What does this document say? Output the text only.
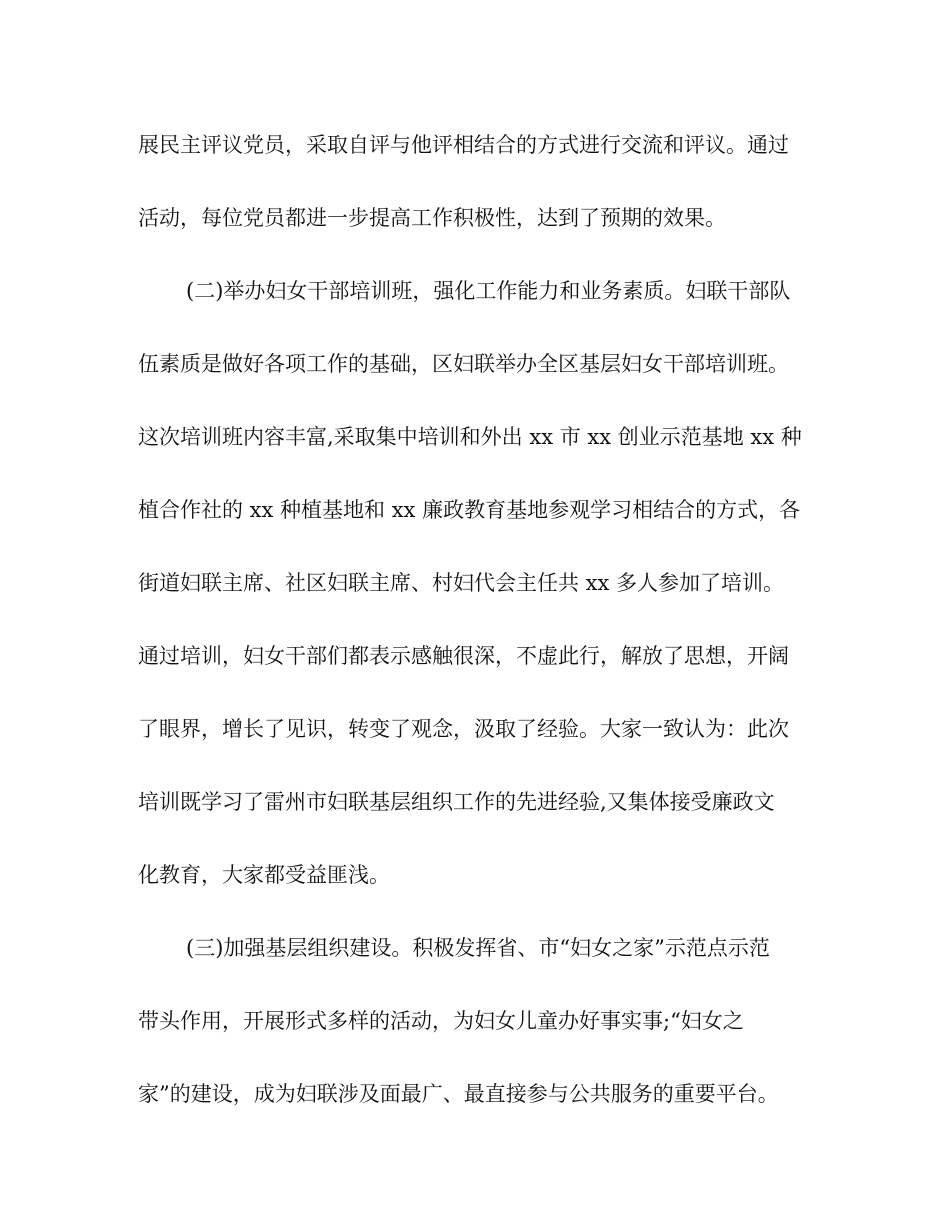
展民主评议党员，采取自评与他评相结合的方式进行交流和评议。通过
活动，每位党员都进一步提高工作积极性，达到了预期的效果。
(二)举办妇女干部培训班，强化工作能力和业务素质。妇联干部队
伍素质是做好各项工作的基础，区妇联举办全区基层妇女干部培训班。
这次培训班内容丰富,采取集中培训和外出 xx 市 xx 创业示范基地 xx 种
植合作社的 xx 种植基地和 xx 廉政教育基地参观学习相结合的方式，各
街道妇联主席、社区妇联主席、村妇代会主任共 xx 多人参加了培训。
通过培训，妇女干部们都表示感触很深，不虚此行，解放了思想，开阔
了眼界，增长了见识，转变了观念，汲取了经验。大家一致认为：此次
培训既学习了雷州市妇联基层组织工作的先进经验,又集体接受廉政文
化教育，大家都受益匪浅。
(三)加强基层组织建设。积极发挥省、市“妇女之家”示范点示范
带头作用，开展形式多样的活动，为妇女儿童办好事实事;“妇女之
家”的建设，成为妇联涉及面最广、最直接参与公共服务的重要平台。
